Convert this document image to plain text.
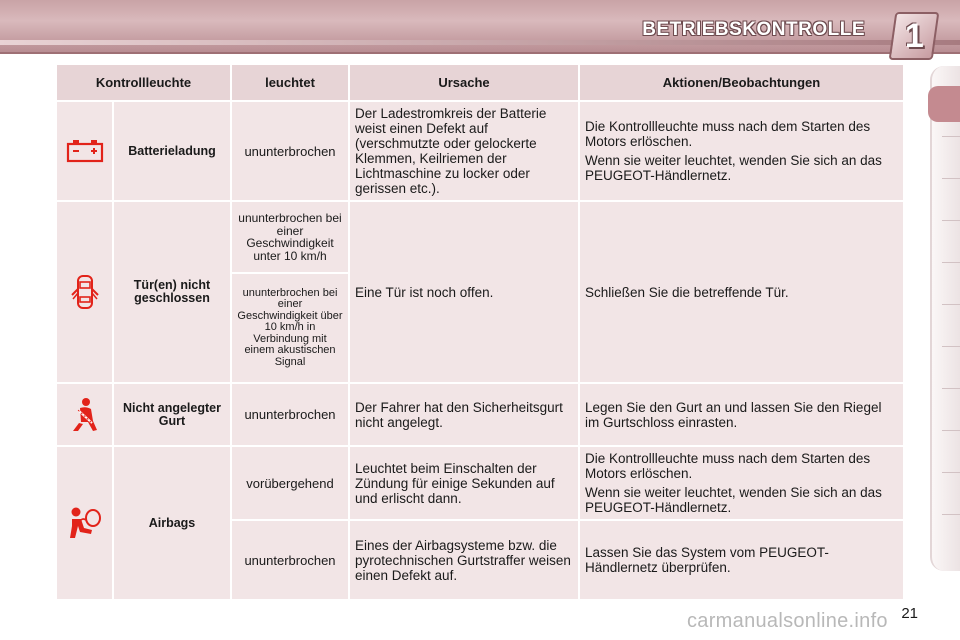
BETRIEBSKONTROLLE 1
Kontrollleuchte		leuchtet	Ursache	Aktionen/Beobachtungen

	Batterieladung	ununterbrochen	Der Ladestromkreis der Batterie weist einen Defekt auf (verschmutzte oder gelockerte Klemmen, Keilriemen der Lichtmaschine zu locker oder gerissen etc.).	Die Kontrollleuchte muss nach dem Starten des Motors erlöschen.

Wenn sie weiter leuchtet, wenden Sie sich an das PEUGEOT-Händlernetz.

	Tür(en) nicht geschlossen	ununterbrochen bei einer Geschwindigkeit unter 10 km/h	Eine Tür ist noch offen.	Schließen Sie die betreffende Tür.
		ununterbrochen bei einer Geschwindigkeit über 10 km/h in Verbindung mit einem akustischen Signal		

	Nicht angelegter Gurt	ununterbrochen	Der Fahrer hat den Sicherheitsgurt nicht angelegt.	Legen Sie den Gurt an und lassen Sie den Riegel im Gurtschloss einrasten.

	Airbags	vorübergehend	Leuchtet beim Einschalten der Zündung für einige Sekunden auf und erlischt dann.	Die Kontrollleuchte muss nach dem Starten des Motors erlöschen.

Wenn sie weiter leuchtet, wenden Sie sich an das PEUGEOT-Händlernetz.

		ununterbrochen	Eines der Airbagsysteme bzw. die pyrotechnischen Gurtstraffer weisen einen Defekt auf.	Lassen Sie das System vom PEUGEOT-Händlernetz überprüfen.
21
carmanualsonline.info
